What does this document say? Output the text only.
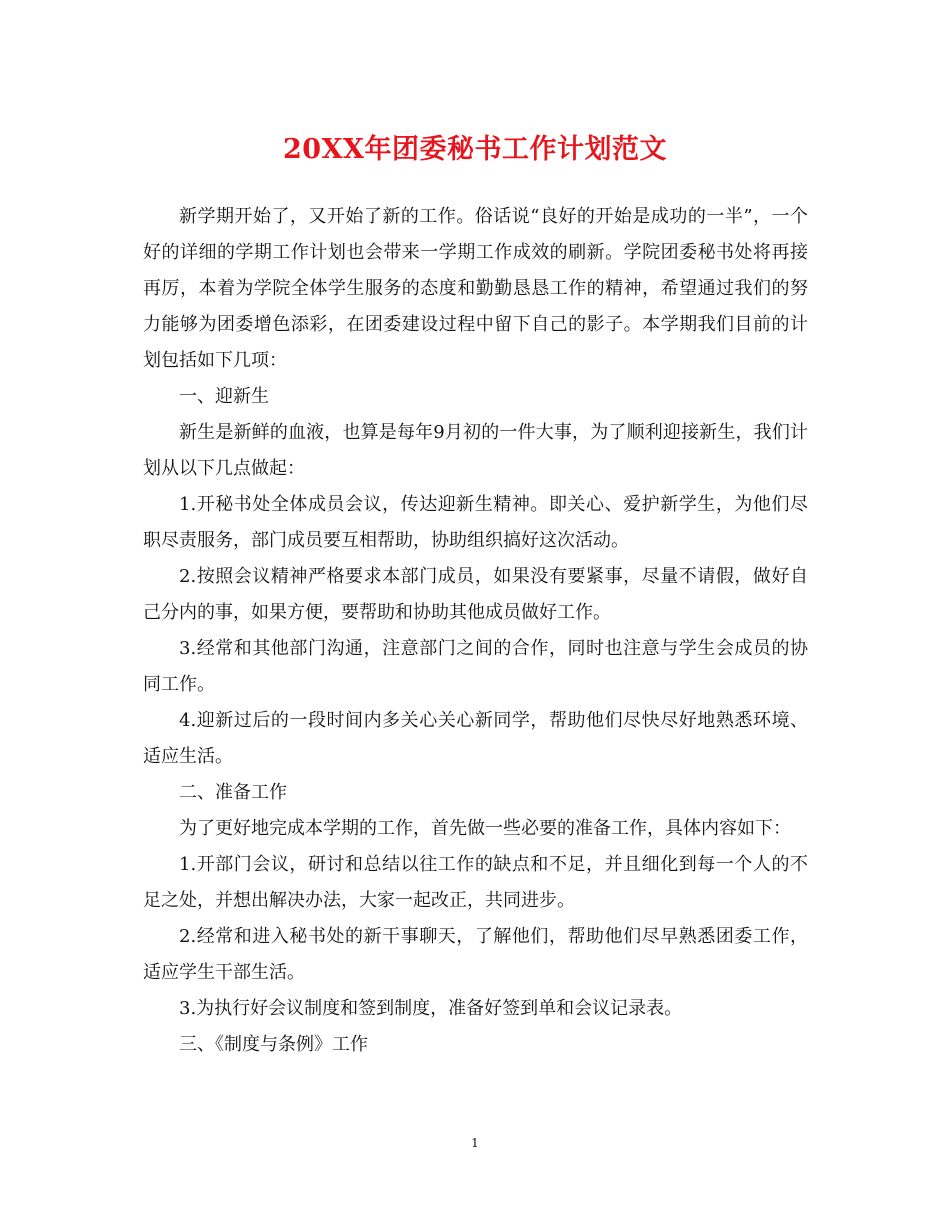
20XX年团委秘书工作计划范文

新学期开始了，又开始了新的工作。俗话说“良好的开始是成功的一半”，一个好的详细的学期工作计划也会带来一学期工作成效的刷新。学院团委秘书处将再接再厉，本着为学院全体学生服务的态度和勤勤恳恳工作的精神，希望通过我们的努力能够为团委增色添彩，在团委建设过程中留下自己的影子。本学期我们目前的计划包括如下几项：

一、迎新生

新生是新鲜的血液，也算是每年9月初的一件大事，为了顺利迎接新生，我们计划从以下几点做起：

1.开秘书处全体成员会议，传达迎新生精神。即关心、爱护新学生，为他们尽职尽责服务，部门成员要互相帮助，协助组织搞好这次活动。

2.按照会议精神严格要求本部门成员，如果没有要紧事，尽量不请假，做好自己分内的事，如果方便，要帮助和协助其他成员做好工作。

3.经常和其他部门沟通，注意部门之间的合作，同时也注意与学生会成员的协同工作。

4.迎新过后的一段时间内多关心关心新同学，帮助他们尽快尽好地熟悉环境、适应生活。

二、准备工作

为了更好地完成本学期的工作，首先做一些必要的准备工作，具体内容如下：

1.开部门会议，研讨和总结以往工作的缺点和不足，并且细化到每一个人的不足之处，并想出解决办法，大家一起改正，共同进步。

2.经常和进入秘书处的新干事聊天，了解他们，帮助他们尽早熟悉团委工作，适应学生干部生活。

3.为执行好会议制度和签到制度，准备好签到单和会议记录表。

三、《制度与条例》工作

1
